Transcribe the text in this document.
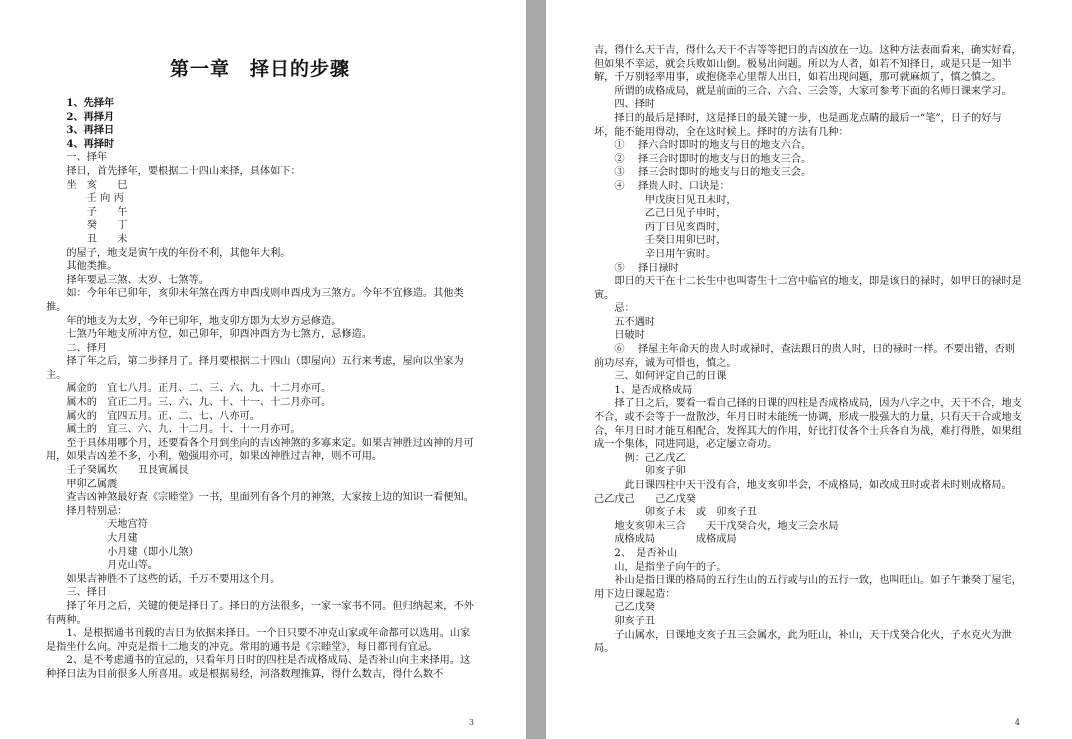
第一章　择日的步骤
　　1、先择年
　　2、再择月
　　3、再择日
　　4、再择时
　　一、择年
　　择日，首先择年，要根据二十四山来择，具体如下：
　　坐　亥　　巳
　　　　壬 向 丙
　　　　子　　午
　　　　癸　　丁
　　　　丑　　未
　　的屋子，地支是寅午戌的年份不利，其他年大利。
　　其他类推。
　　择年要忌三煞、太岁、七煞等。
　　如：今年年已卯年，亥卯未年煞在西方申酉戌则申酉戌为三煞方。今年不宜修造。其他类推。
　　年的地支为太岁，今年已卯年，地支卯方即为太岁方忌修造。
　　七煞乃年地支所冲方位，如己卯年，卯酉冲酉方为七煞方，忌修造。
　　二、择月
　　择了年之后，第二步择月了。择月要根据二十四山（即屋向）五行来考虑，屋向以坐家为主。
　　属金的　宜七八月。正月、二、三、六、九、十二月亦可。
　　属木的　宜正二月。三、六、九、十、十一、十二月亦可。
　　属火的　宜四五月。正、二、七、八亦可。
　　属土的　宜三、六、九、十二月。十、十一月亦可。
　　至于具体用哪个月，还要看各个月到坐向的吉凶神煞的多寡来定。如果吉神胜过凶神的月可用，如果吉凶差不多，小利，勉强用亦可，如果凶神胜过吉神，则不可用。
　　壬子癸属坎　　丑艮寅属艮
　　甲卯乙属震
　　查吉凶神煞最好查《宗睦堂》一书，里面列有各个月的神煞，大家按上边的知识一看便知。
　　择月特别忌：
　　　　　　天地宫符
　　　　　　大月建
　　　　　　小月建（即小儿煞）
　　　　　　月克山等。
　　如果吉神胜不了这些的话，千万不要用这个月。
　　三、择日
　　择了年月之后，关键的便是择日了。择日的方法很多，一家一家书不同。但归纳起来，不外有两种。
　　1、是根据通书刊载的吉日为依据来择日。一个日只要不冲克山家或年命都可以选用。山家是指坐什么向。冲克是指十二地支的冲克。常用的通书是《宗睦堂》，每日都刊有宜忌。
　　2、是不考虑通书的宜忌的，只看年月日时的四柱是否成格成局、是否补山向主来择用。这种择日法为目前很多人所喜用。或是根据易经，河洛数理推算，得什么数吉，得什么数不
3
吉，得什么天干吉，得什么天干不吉等等把日的吉凶放在一边。这种方法表面看来，确实好看，但如果不幸运，就会兵败如山倒。极易出问题。所以为人者，如若不知择日，或是只是一知半解，千万别轻率用事，或抱侥幸心里帮人出日，如若出现问题，那可就麻烦了，慎之慎之。
　　所谓的成格成局，就是前面的三合、六合、三会等，大家可参考下面的名师日课来学习。
　　四、择时
　　择日的最后是择时，这是择日的最关键一步，也是画龙点睛的最后一“笔”，日子的好与坏，能不能用得动，全在这时候上。择时的方法有几种：
　　①　 择六合时即时的地支与日的地支六合。
　　②　 择三合时即时的地支与日的地支三合。
　　③　 择三会时即时的地支与日的地支三会。
　　④　 择贵人时、口诀是：
　　　　　甲戊庚日见丑未时，
　　　　　乙己日见子申时，
　　　　　丙丁日见亥酉时，
　　　　　壬癸日用卯巳时，
　　　　　辛日用午寅时。
　　⑤　 择日禄时
　　即日的天干在十二长生中也叫寄生十二宫中临官的地支，即是该日的禄时，如甲日的禄时是寅。
　　忌：
　　五不遇时
　　日破时
　　⑥　 择屋主年命天的贵人时或禄时，查法跟日的贵人时，日的禄时一样。不要出错，否则前功尽弃，诚为可惜也，慎之。
　　三、如何评定自己的日课
　　1、是否成格成局
　　择了日之后，要看一看自己择的日课的四柱是否成格成局，因为八字之中，天干不合，地支不合，或不会等于一盘散沙，年月日时未能统一协调，形成一股强大的力量，只有天干合或地支合，年月日时才能互相配合，发挥其大的作用，好比打仗各个士兵各自为战，难打得胜，如果组成一个集体，同进同退，必定屡立奇功。
　　　例：己乙戊乙
　　　　　卯亥子卯
　　　此日课四柱中天干没有合，地支亥卯半会，不成格局，如改成丑时或者未时则成格局。　己乙戊己　　己乙戊癸
　　　　　卯亥子未　或　卯亥子丑
　　地支亥卯未三合　　天干戊癸合火，地支三会水局
　　成格成局　　　　成格成局
　　2、　是否补山
　　山，是指坐子向午的子。
　　补山是指日课的格局的五行生山的五行或与山的五行一致，也叫旺山。如子午兼癸丁屋宅，用下边日课起造：
　　己乙戊癸
　　卯亥子丑
　　子山属水，日课地支亥子丑三会属水，此为旺山，补山，天干戊癸合化火，子水克火为泄局。
4
